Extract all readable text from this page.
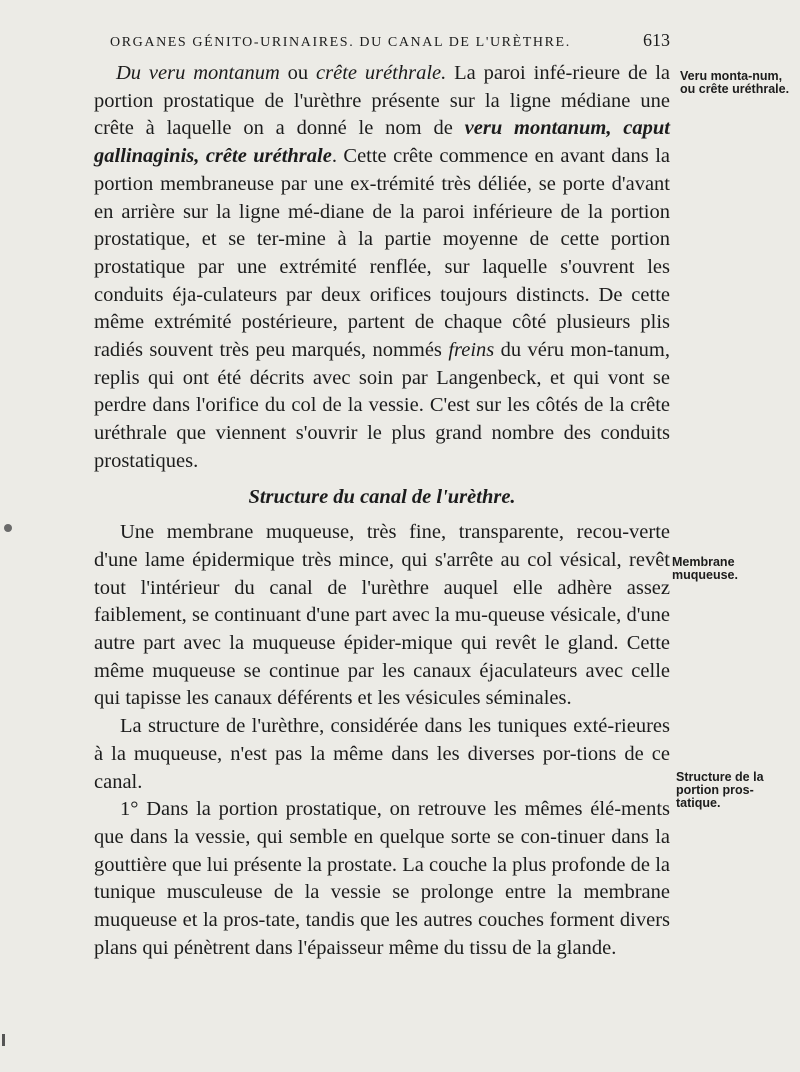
ORGANES GÉNITO-URINAIRES. DU CANAL DE L'URÈTHRE.	613

Du veru montanum ou crête uréthrale. La paroi infé-rieure de la portion prostatique de l'urèthre présente sur la ligne médiane une crête à laquelle on a donné le nom de veru montanum, caput gallinaginis, crête uréthrale. Cette crête commence en avant dans la portion membraneuse par une ex-trémité très déliée, se porte d'avant en arrière sur la ligne mé-diane de la paroi inférieure de la portion prostatique, et se ter-mine à la partie moyenne de cette portion prostatique par une extrémité renflée, sur laquelle s'ouvrent les conduits éja-culateurs par deux orifices toujours distincts. De cette même extrémité postérieure, partent de chaque côté plusieurs plis radiés souvent très peu marqués, nommés freins du véru mon-tanum, replis qui ont été décrits avec soin par Langenbeck, et qui vont se perdre dans l'orifice du col de la vessie. C'est sur les côtés de la crête uréthrale que viennent s'ouvrir le plus grand nombre des conduits prostatiques.

Structure du canal de l'urèthre.

Une membrane muqueuse, très fine, transparente, recou-verte d'une lame épidermique très mince, qui s'arrête au col vésical, revêt tout l'intérieur du canal de l'urèthre auquel elle adhère assez faiblement, se continuant d'une part avec la mu-queuse vésicale, d'une autre part avec la muqueuse épider-mique qui revêt le gland. Cette même muqueuse se continue par les canaux éjaculateurs avec celle qui tapisse les canaux déférents et les vésicules séminales.

La structure de l'urèthre, considérée dans les tuniques exté-rieures à la muqueuse, n'est pas la même dans les diverses por-tions de ce canal.

1° Dans la portion prostatique, on retrouve les mêmes élé-ments que dans la vessie, qui semble en quelque sorte se con-tinuer dans la gouttière que lui présente la prostate. La couche la plus profonde de la tunique musculeuse de la vessie se prolonge entre la membrane muqueuse et la pros-tate, tandis que les autres couches forment divers plans qui pénètrent dans l'épaisseur même du tissu de la glande.

Veru monta-num, ou crête uréthrale.
Membrane muqueuse.
Structure de la portion pros-tatique.
